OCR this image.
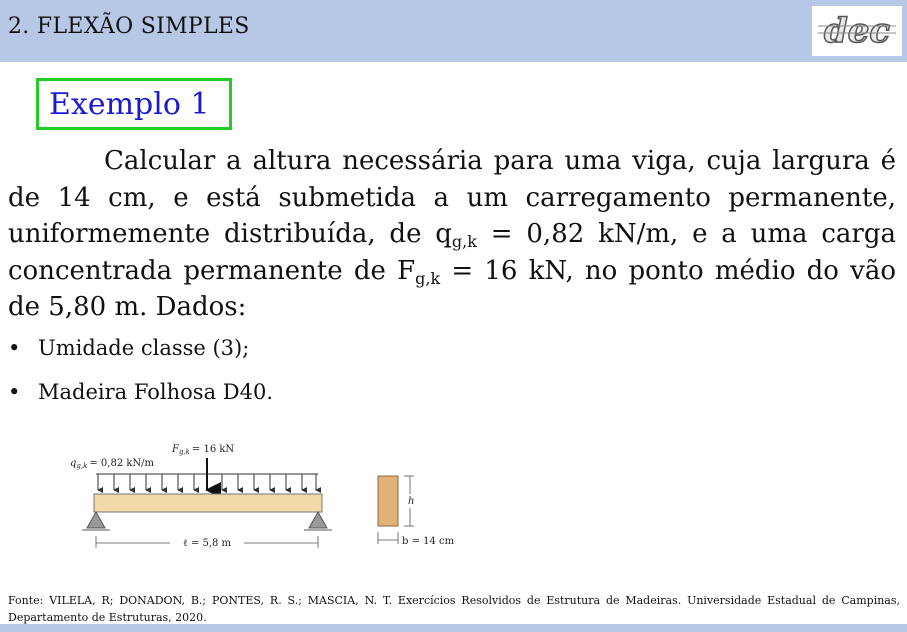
2. FLEXÃO SIMPLES	dec
Exemplo 1
Calcular a altura necessária para uma viga, cuja largura é de 14 cm, e está submetida a um carregamento permanente, uniformemente distribuída, de $q_{g,k} = 0,82$ kN/m, e a uma carga concentrada permanente de $F_{g,k} = 16$ kN, no ponto médio do vão de 5,80 m. Dados:
• Umidade classe (3);
• Madeira Folhosa D40.
$q_{g,k} = 0,82$ kN/m
$F_{g,k} = 16$ kN
ℓ = 5,8 m
h
b = 14 cm
Fonte: VILELA, R; DONADON, B.; PONTES, R. S.; MASCIA, N. T. Exercícios Resolvidos de Estrutura de Madeiras. Universidade Estadual de Campinas, Departamento de Estruturas, 2020.
